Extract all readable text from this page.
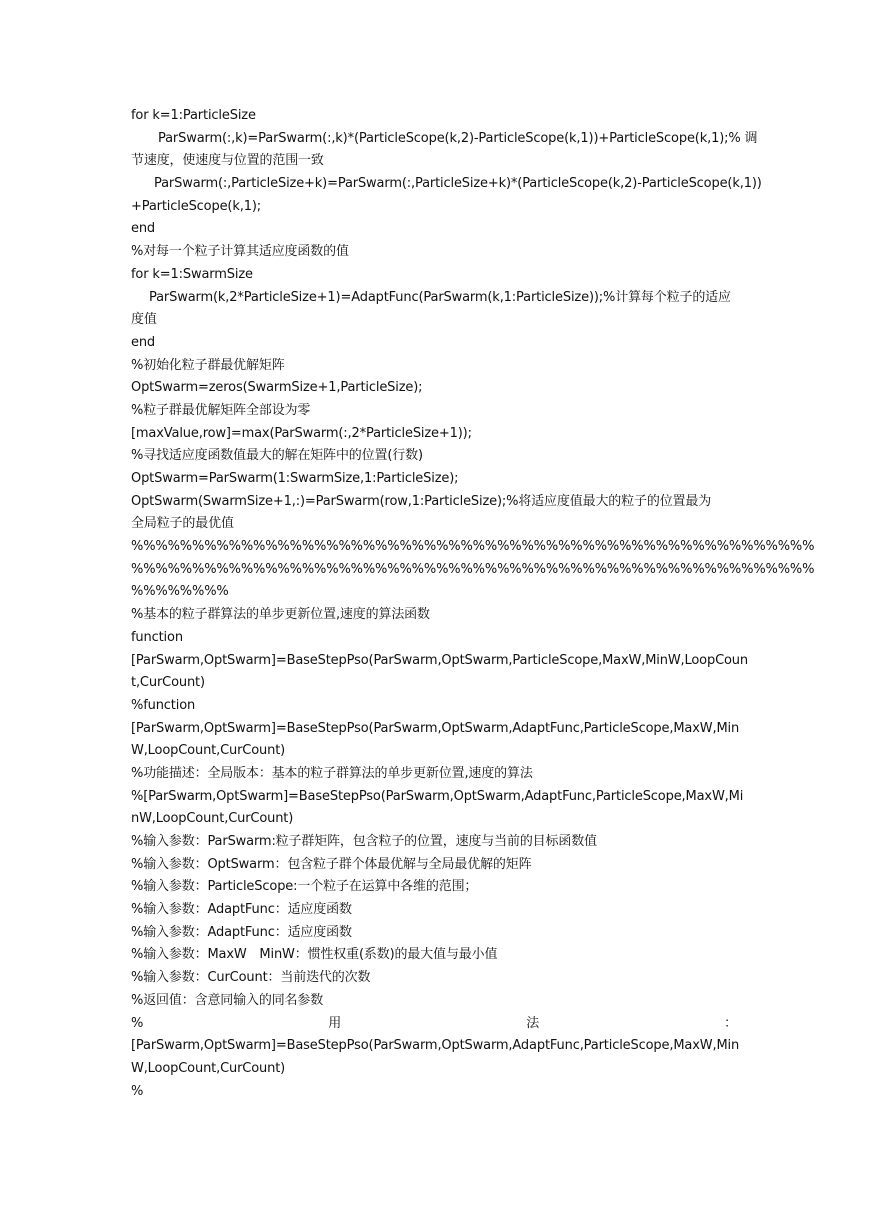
for k=1:ParticleSize
ParSwarm(:,k)=ParSwarm(:,k)*(ParticleScope(k,2)-ParticleScope(k,1))+ParticleScope(k,1);% 调
节速度，使速度与位置的范围一致
ParSwarm(:,ParticleSize+k)=ParSwarm(:,ParticleSize+k)*(ParticleScope(k,2)-ParticleScope(k,1))
+ParticleScope(k,1);
end
%对每一个粒子计算其适应度函数的值
for k=1:SwarmSize
ParSwarm(k,2*ParticleSize+1)=AdaptFunc(ParSwarm(k,1:ParticleSize));%计算每个粒子的适应
度值
end
%初始化粒子群最优解矩阵
OptSwarm=zeros(SwarmSize+1,ParticleSize);
%粒子群最优解矩阵全部设为零
[maxValue,row]=max(ParSwarm(:,2*ParticleSize+1));
%寻找适应度函数值最大的解在矩阵中的位置(行数)
OptSwarm=ParSwarm(1:SwarmSize,1:ParticleSize);
OptSwarm(SwarmSize+1,:)=ParSwarm(row,1:ParticleSize);%将适应度值最大的粒子的位置最为
全局粒子的最优值
%%%%%%%%%%%%%%%%%%%%%%%%%%%%%%%%%%%%%%%%%%%%%%%%%%%%%%%%
%%%%%%%%%%%%%%%%%%%%%%%%%%%%%%%%%%%%%%%%%%%%%%%%%%%%%%%%
%%%%%%%%
%基本的粒子群算法的单步更新位置,速度的算法函数
function
[ParSwarm,OptSwarm]=BaseStepPso(ParSwarm,OptSwarm,ParticleScope,MaxW,MinW,LoopCoun
t,CurCount)
%function
[ParSwarm,OptSwarm]=BaseStepPso(ParSwarm,OptSwarm,AdaptFunc,ParticleScope,MaxW,Min
W,LoopCount,CurCount)
%功能描述：全局版本：基本的粒子群算法的单步更新位置,速度的算法
%[ParSwarm,OptSwarm]=BaseStepPso(ParSwarm,OptSwarm,AdaptFunc,ParticleScope,MaxW,Mi
nW,LoopCount,CurCount)
%输入参数：ParSwarm:粒子群矩阵，包含粒子的位置，速度与当前的目标函数值
%输入参数：OptSwarm：包含粒子群个体最优解与全局最优解的矩阵
%输入参数：ParticleScope:一个粒子在运算中各维的范围；
%输入参数：AdaptFunc：适应度函数
%输入参数：AdaptFunc：适应度函数
%输入参数：MaxW　MinW：惯性权重(系数)的最大值与最小值
%输入参数：CurCount：当前迭代的次数
%返回值：含意同输入的同名参数
%	用	法	：
[ParSwarm,OptSwarm]=BaseStepPso(ParSwarm,OptSwarm,AdaptFunc,ParticleScope,MaxW,Min
W,LoopCount,CurCount)
%
